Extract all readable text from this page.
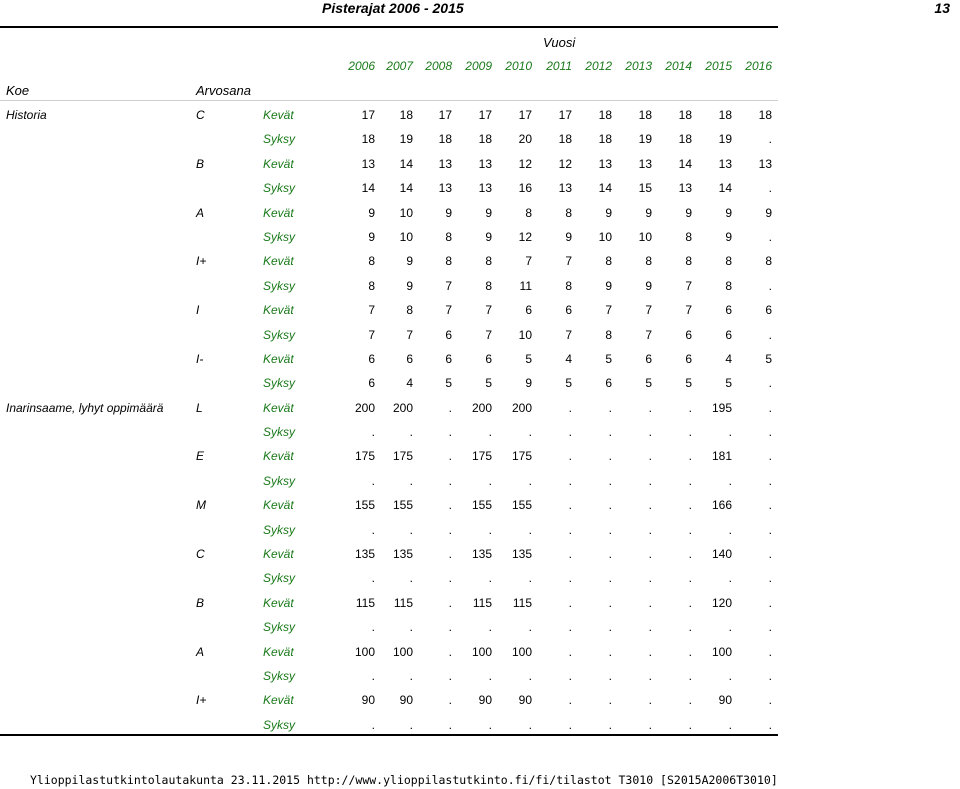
Pisterajat 2006 - 2015	13
Vuosi
2006 2007	2008	2009	2010	2011	2012	2013	2014	2015	2016
Koe	Arvosana
Historia	C	Kevät	17	18	17	17	17	17	18	18	18	18	18
Syksy	18	19	18	18	20	18	18	19	18	19	.
B	Kevät	13	14	13	13	12	12	13	13	14	13	13
Syksy	14	14	13	13	16	13	14	15	13	14	.
A	Kevät	9	10	9	9	8	8	9	9	9	9	9
Syksy	9	10	8	9	12	9	10	10	8	9	.
I+	Kevät	8	9	8	8	7	7	8	8	8	8	8
Syksy	8	9	7	8	11	8	9	9	7	8	.
I	Kevät	7	8	7	7	6	6	7	7	7	6	6
Syksy	7	7	6	7	10	7	8	7	6	6	.
I-	Kevät	6	6	6	6	5	4	5	6	6	4	5
Syksy	6	4	5	5	9	5	6	5	5	5	.
Inarinsaame, lyhyt oppimäärä	L	Kevät	200	200	.	200	200	.	.	.	.	195	.
Syksy	.	.	.	.	.	.	.	.	.	.	.
E	Kevät	175	175	.	175	175	.	.	.	.	181	.
Syksy	.	.	.	.	.	.	.	.	.	.	.
M	Kevät	155	155	.	155	155	.	.	.	.	166	.
Syksy	.	.	.	.	.	.	.	.	.	.	.
C	Kevät	135	135	.	135	135	.	.	.	.	140	.
Syksy	.	.	.	.	.	.	.	.	.	.	.
B	Kevät	115	115	.	115	115	.	.	.	.	120	.
Syksy	.	.	.	.	.	.	.	.	.	.	.
A	Kevät	100	100	.	100	100	.	.	.	.	100	.
Syksy	.	.	.	.	.	.	.	.	.	.	.
I+	Kevät	90	90	.	90	90	.	.	.	.	90	.
Syksy	.	.	.	.	.	.	.	.	.	.	.
Ylioppilastutkintolautakunta 23.11.2015 http://www.ylioppilastutkinto.fi/fi/tilastot T3010 [S2015A2006T3010]
